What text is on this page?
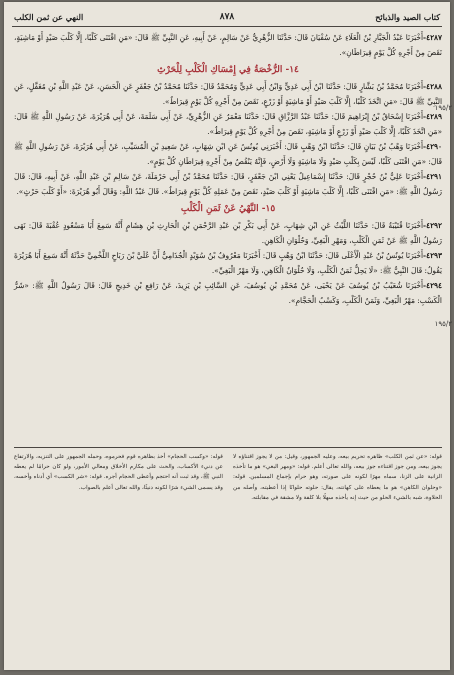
كتاب الصيد والذبائح
٨٧٨
النهي عن ثمن الكلب

٤٢٨٧-أَخْبَرَنَا عَبْدُ الْجَبَّارِ بْنُ الْعَلَاءِ عَنْ سُفْيَانَ قَالَ: حَدَّثَنَا الزُّهْرِيُّ عَنْ سَالِمٍ، عَنْ أَبِيهِ، عَنِ النَّبِيِّ ﷺ قَالَ: «مَنِ اقْتَنَى كَلْبًا، إِلَّا كَلْبَ صَيْدٍ أَوْ مَاشِيَةٍ، نَقَصَ مِنْ أَجْرِهِ كُلَّ يَوْمٍ قِيرَاطَانِ».

١٤- الرُّخْصَةُ فِي إِمْسَاكِ الْكَلْبِ لِلْحَرْثِ

٤٢٨٨-أَخْبَرَنَا مُحَمَّدُ بْنُ بَشَّارٍ قَالَ: حَدَّثَنَا ابْنُ أَبِي عَدِيٍّ وَابْنُ أَبِي عَدِيٍّ وَمُحَمَّدٌ قَالَ: حَدَّثَنَا مُحَمَّدُ بْنُ جَعْفَرٍ عَنِ الْحَسَنِ، عَنْ عَبْدِ اللَّهِ بْنِ مُغَفَّلٍ، عَنِ النَّبِيِّ ﷺ قَالَ: «مَنِ اتَّخَذَ كَلْبًا، إِلَّا كَلْبَ صَيْدٍ أَوْ مَاشِيَةٍ أَوْ زَرْعٍ، نَقَصَ مِنْ أَجْرِهِ كُلَّ يَوْمٍ قِيرَاطٌ».

٤٢٨٩-أَخْبَرَنَا إِسْحَاقُ بْنُ إِبْرَاهِيمَ قَالَ: حَدَّثَنَا عَبْدُ الرَّزَّاقِ قَالَ: حَدَّثَنَا مَعْمَرٌ عَنِ الزُّهْرِيِّ، عَنْ أَبِي سَلَمَةَ، عَنْ أَبِي هُرَيْرَةَ، عَنْ رَسُولِ اللَّهِ ﷺ قَالَ: «مَنِ اتَّخَذَ كَلْبًا، إِلَّا كَلْبَ صَيْدٍ أَوْ زَرْعٍ أَوْ مَاشِيَةٍ، نَقَصَ مِنْ أَجْرِهِ كُلَّ يَوْمٍ قِيرَاطٌ».

٤٢٩٠-أَخْبَرَنَا وَهْبُ بْنُ بَيَانٍ قَالَ: حَدَّثَنَا ابْنُ وَهْبٍ قَالَ: أَخْبَرَنِي يُونُسُ عَنِ ابْنِ شِهَابٍ، عَنْ سَعِيدِ بْنِ الْمُسَيِّبِ، عَنْ أَبِي هُرَيْرَةَ، عَنْ رَسُولِ اللَّهِ ﷺ قَالَ: «مَنِ اقْتَنَى كَلْبًا، لَيْسَ بِكَلْبِ صَيْدٍ وَلَا مَاشِيَةٍ وَلَا أَرْضٍ، فَإِنَّهُ يَنْقُصُ مِنْ أَجْرِهِ قِيرَاطَانِ كُلَّ يَوْمٍ».

٤٢٩١-أَخْبَرَنَا عَلِيُّ بْنُ حُجْرٍ قَالَ: حَدَّثَنَا إِسْمَاعِيلُ يَعْنِي ابْنَ جَعْفَرٍ، قَالَ: حَدَّثَنَا مُحَمَّدُ بْنُ أَبِي حَرْمَلَةَ، عَنْ سَالِمِ بْنِ عَبْدِ اللَّهِ، عَنْ أَبِيهِ، قَالَ: قَالَ رَسُولُ اللَّهِ ﷺ: «مَنِ اقْتَنَى كَلْبًا، إِلَّا كَلْبَ مَاشِيَةٍ أَوْ كَلْبَ صَيْدٍ، نَقَصَ مِنْ عَمَلِهِ كُلَّ يَوْمٍ قِيرَاطٌ». قَالَ عَبْدُ اللَّهِ: وَقَالَ أَبُو هُرَيْرَةَ: «أَوْ كَلْبَ حَرْثٍ».

١٥- النَّهْيُ عَنْ ثَمَنِ الْكَلْبِ

٤٢٩٢-أَخْبَرَنَا قُتَيْبَةُ قَالَ: حَدَّثَنَا اللَّيْثُ عَنِ ابْنِ شِهَابٍ، عَنْ أَبِي بَكْرِ بْنِ عَبْدِ الرَّحْمَنِ بْنِ الْحَارِثِ بْنِ هِشَامٍ أَنَّهُ سَمِعَ أَبَا مَسْعُودٍ عُقْبَةَ قَالَ: نَهَى رَسُولُ اللَّهِ ﷺ عَنْ ثَمَنِ الْكَلْبِ، وَمَهْرِ الْبَغِيِّ، وَحُلْوَانِ الْكَاهِنِ.

٤٢٩٣-أَخْبَرَنَا يُونُسُ بْنُ عَبْدِ الْأَعْلَى قَالَ: حَدَّثَنَا ابْنُ وَهْبٍ قَالَ: أَخْبَرَنَا مَعْرُوفُ بْنُ سُوَيْدٍ الْجُذَامِيُّ أَنَّ عُلَيَّ بْنَ رَبَاحٍ اللَّخْمِيَّ حَدَّثَهُ أَنَّهُ سَمِعَ أَبَا هُرَيْرَةَ يَقُولُ: قَالَ النَّبِيُّ ﷺ: «لَا يَحِلُّ ثَمَنُ الْكَلْبِ، وَلَا حُلْوَانُ الْكَاهِنِ، وَلَا مَهْرُ الْبَغِيِّ».

٤٢٩٤-أَخْبَرَنَا شُعَيْبُ بْنُ يُوسُفَ عَنْ يَحْيَى، عَنْ مُحَمَّدِ بْنِ يُوسُفَ، عَنِ السَّائِبِ بْنِ يَزِيدَ، عَنْ رَافِعِ بْنِ خَدِيجٍ قَالَ: قَالَ رَسُولُ اللَّهِ ﷺ: «شَرُّ الْكَسْبِ: مَهْرُ الْبَغِيِّ، وَثَمَنُ الْكَلْبِ، وَكَسْبُ الْحَجَّامِ».

١٩٥/٢
١٩٥/٢

قوله: «عن ثمن الكلب» ظاهره تحريم بيعه، وعليه الجمهور، وقيل: من لا يجوز اقتناؤه لا يجوز بيعه، ومن جوز اقتناءه جوز بيعه، والله تعالى أعلم. قوله: «ومهر البغي» هو ما تأخذه الزانية على الزنا، سماه مهرًا لكونه على صورته، وهو حرام بإجماع المسلمين. قوله: «وحلوان الكاهن» هو ما يعطاه على كهانته، يقال: حلوته حلوانًا إذا أعطيته، وأصله من الحلاوة، شبه بالشيء الحلو من حيث إنه يأخذه سهلًا بلا كلفة ولا مشقة في مقابلته.

قوله: «وكسب الحجام» أخذ بظاهره قوم فحرموه، وحمله الجمهور على التنزيه، والارتفاع عن دنيء الأكساب، والحث على مكارم الأخلاق ومعالي الأمور، ولو كان حرامًا لم يعطه النبي ﷺ، وقد ثبت أنه احتجم وأعطى الحجام أجره. قوله: «شر الكسب» أي أدناه وأخسه، وقد يسمى الشيء شرًا لكونه دنيئًا، والله تعالى أعلم بالصواب.
